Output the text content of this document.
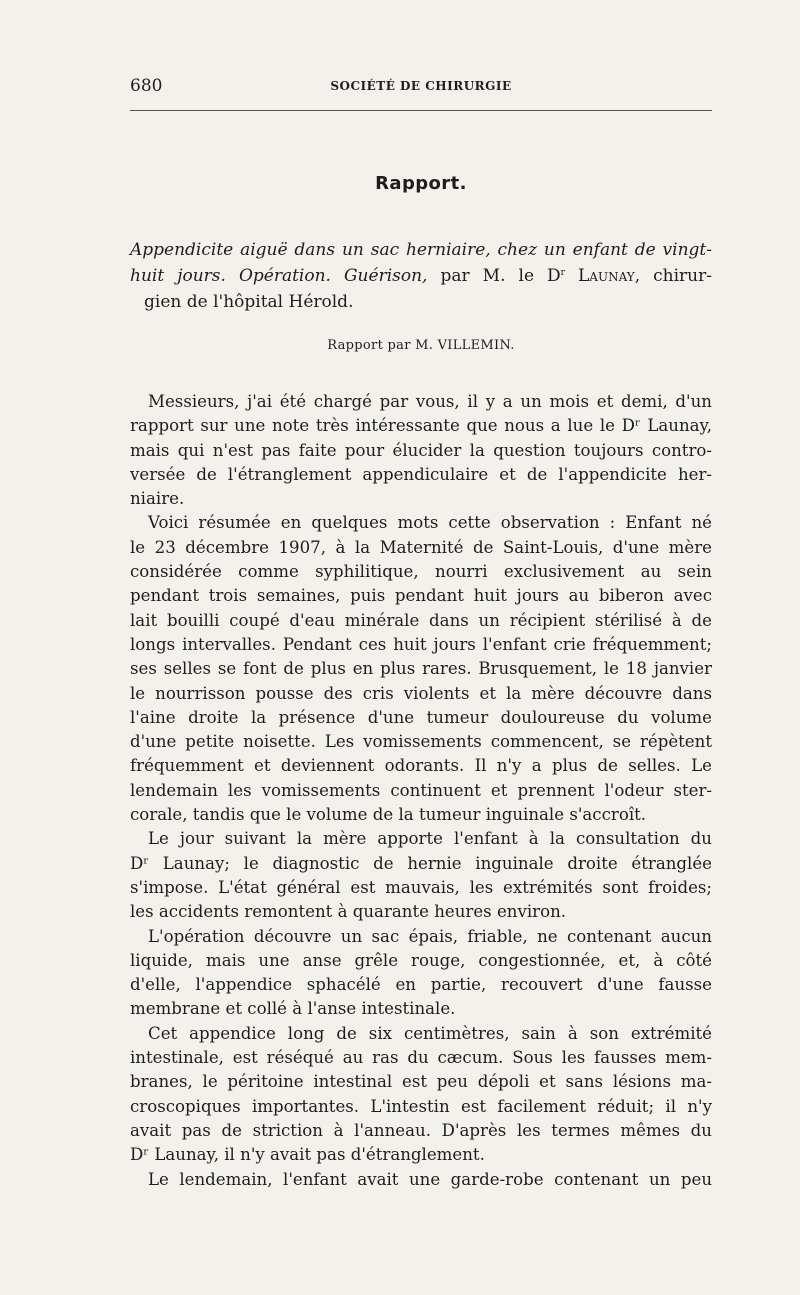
680	SOCIÉTÉ DE CHIRURGIE
Rapport.
Appendicite aiguë dans un sac herniaire, chez un enfant de vingt-
huit jours. Opération. Guérison, par M. le $D^r$ Launay, chirur-
gien de l'hôpital Hérold.
Rapport par M. VILLEMIN.
Messieurs, j'ai été chargé par vous, il y a un mois et demi, d'un
rapport sur une note très intéressante que nous a lue le Dʳ Launay,
mais qui n'est pas faite pour élucider la question toujours contro-
versée de l'étranglement appendiculaire et de l'appendicite her-
niaire.
Voici résumée en quelques mots cette observation : Enfant né
le 23 décembre 1907, à la Maternité de Saint-Louis, d'une mère
considérée comme syphilitique, nourri exclusivement au sein
pendant trois semaines, puis pendant huit jours au biberon avec
lait bouilli coupé d'eau minérale dans un récipient stérilisé à de
longs intervalles. Pendant ces huit jours l'enfant crie fréquemment;
ses selles se font de plus en plus rares. Brusquement, le 18 janvier
le nourrisson pousse des cris violents et la mère découvre dans
l'aine droite la présence d'une tumeur douloureuse du volume
d'une petite noisette. Les vomissements commencent, se répètent
fréquemment et deviennent odorants. Il n'y a plus de selles. Le
lendemain les vomissements continuent et prennent l'odeur ster-
corale, tandis que le volume de la tumeur inguinale s'accroît.
Le jour suivant la mère apporte l'enfant à la consultation du
Dʳ Launay; le diagnostic de hernie inguinale droite étranglée
s'impose. L'état général est mauvais, les extrémités sont froides;
les accidents remontent à quarante heures environ.
L'opération découvre un sac épais, friable, ne contenant aucun
liquide, mais une anse grêle rouge, congestionnée, et, à côté
d'elle, l'appendice sphacélé en partie, recouvert d'une fausse
membrane et collé à l'anse intestinale.
Cet appendice long de six centimètres, sain à son extrémité
intestinale, est réséqué au ras du cæcum. Sous les fausses mem-
branes, le péritoine intestinal est peu dépoli et sans lésions ma-
croscopiques importantes. L'intestin est facilement réduit; il n'y
avait pas de striction à l'anneau. D'après les termes mêmes du
Dʳ Launay, il n'y avait pas d'étranglement.
Le lendemain, l'enfant avait une garde-robe contenant un peu
